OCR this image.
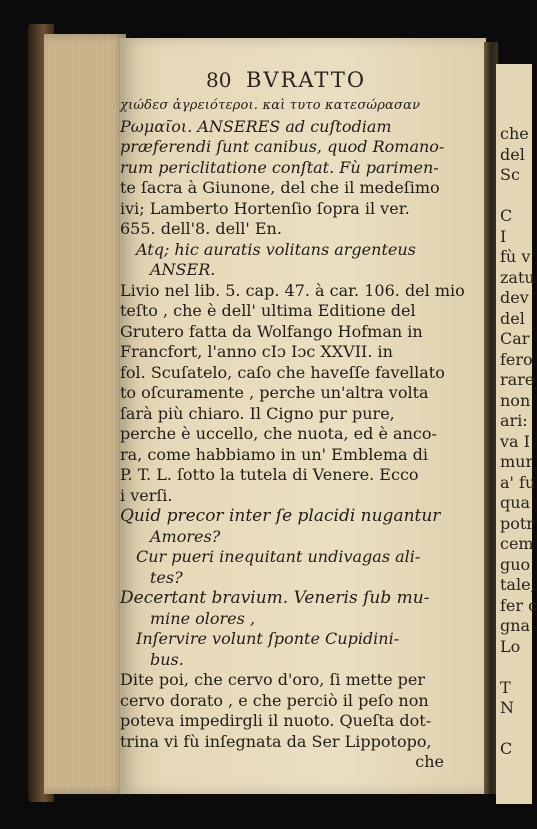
che
del
Sc

C
I
fù v
zatu
dev
del
Car
fero
rare
non
ari:
va I
mur
a' fu
qua
potr
cem
guo
tale,
fer c
gna
Lo

T
N

C
80 BVRATTO
χιώδεσ ἀγρειότεροι. καὶ τυτο κατεσώρασαν
Ρωμαῖοι. ANSERES ad cuſtodiam
præferendi ſunt canibus, quod Romano-
rum periclitatione conſtat. Fù parimen-
te ſacra à Giunone, del che il medeſimo
ivi; Lamberto Hortenſio ſopra il ver.
655. dell'8. dell' En.
Atq; hic auratis volitans argenteus
ANSER.
Livio nel lib. 5. cap. 47. à car. 106. del mio
teſto , che è dell' ultima Editione del
Grutero fatta da Wolfango Hofman in
Francfort, l'anno cIɔ Iɔc XXVII. in
fol. Scuſatelo, caſo che haveſſe favellato
to oſcuramente , perche un'altra volta
ſarà più chiaro. Il Cigno pur pure,
perche è uccello, che nuota, ed è anco-
ra, come habbiamo in un' Emblema di
P. T. L. ſotto la tutela di Venere. Ecco
i verſi.
Quid precor inter ſe placidi nugantur
Amores?
Cur pueri inequitant undivagas ali-
tes?
Decertant bravium. Veneris ſub mu-
mine olores ,
Inſervire volunt ſponte Cupidini-
bus.
Dite poi, che cervo d'oro, ſi mette per
cervo dorato , e che perciò il peſo non
poteva impedirgli il nuoto. Queſta dot-
trina vi fù inſegnata da Ser Lippotopo,
che
